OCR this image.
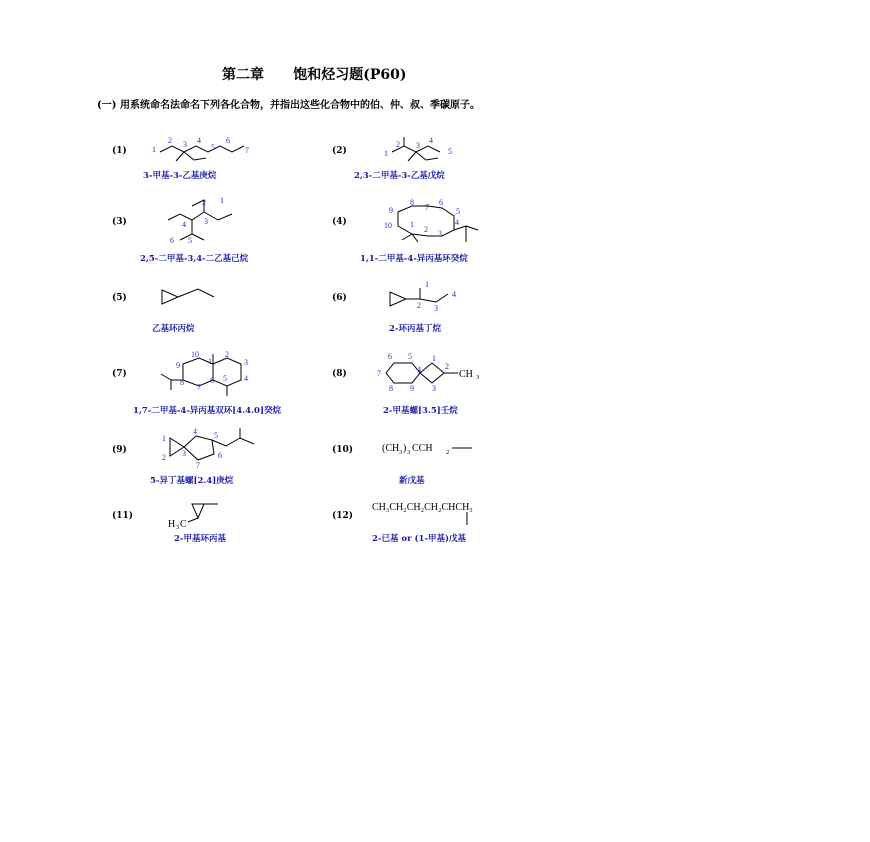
第二章      饱和烃习题(P60)
(一) 用系统命名法命名下列各化合物，并指出这些化合物中的伯、仲、叔、季碳原子。
(1)	1
2 3 4
5
6
7
3-甲基-3-乙基庚烷
(2)	1
2 3
4
5
2,3-二甲基-3-乙基戊烷
(3)
1
2
3
4
5
6
2,5-二甲基-3,4-二乙基己烷
(4)	10 1
2 3
4
5
6
7
8
9
1,1-二甲基-4-异丙基环癸烷
(5)
乙基环丙烷
(6)
1
2 3
4
2-环丙基丁烷
(7)
10
1
2
3
4
5
6
7
8
9
1,7-二甲基-4-异丙基双环[4.4.0]癸烷
(8)	CH 3
1
2
3
4
5
6
7
8 9
2-甲基螺[3.5]壬烷
(9)
1
2 3
4 5
6
7
5-异丁基螺[2.4]庚烷
(10)	(CH 3 ) 3 CCH 2
新戊基
(11)
H 3 C
2-甲基环丙基
(12)
CH₃CH₂CH₂CH₂CHCH₃
2-已基 or (1-甲基)戊基
